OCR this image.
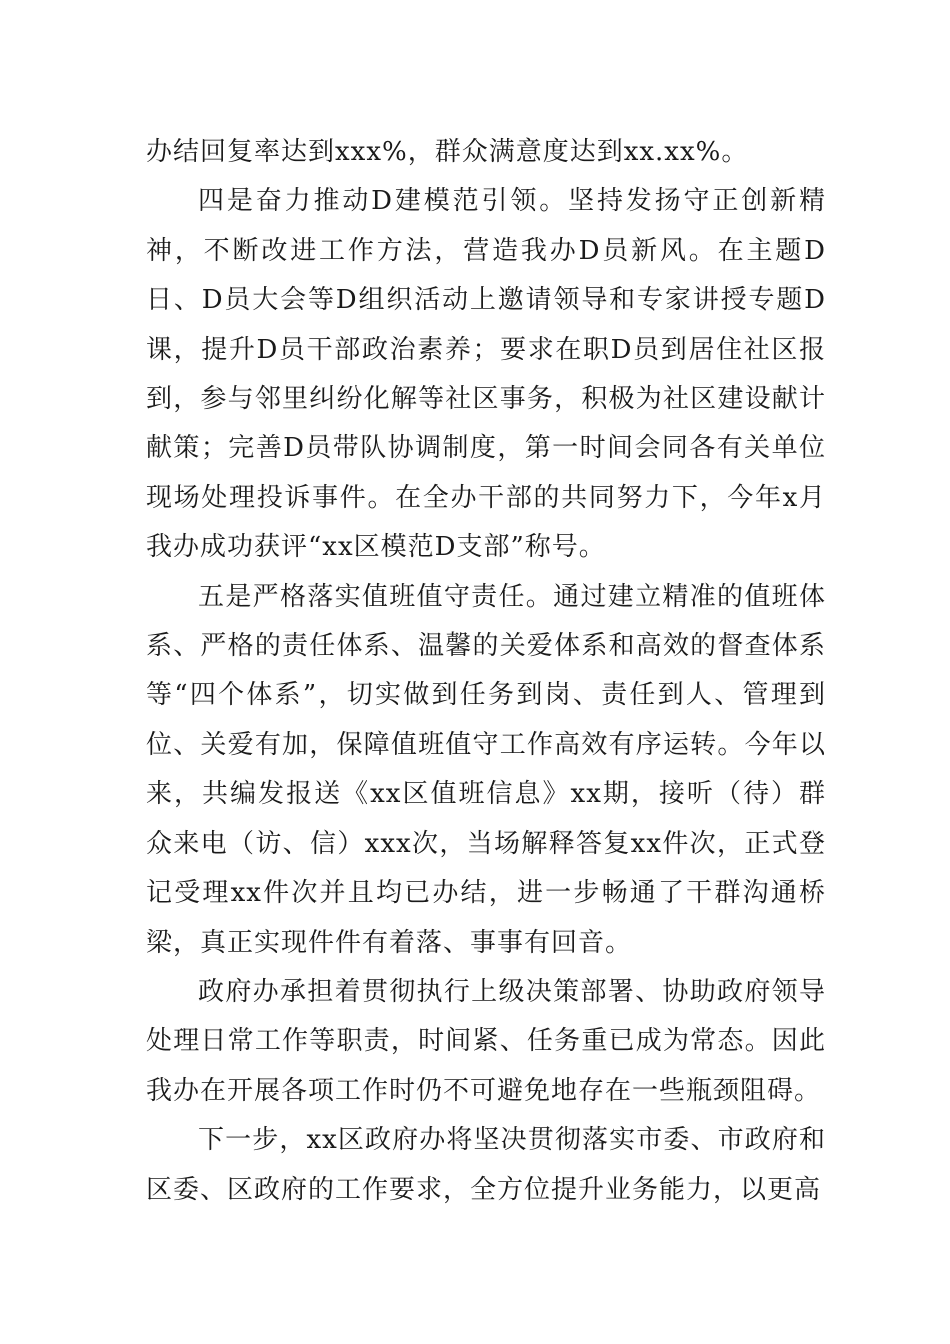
办结回复率达到xxx%，群众满意度达到xx.xx%。

四是奋力推动D建模范引领。坚持发扬守正创新精神，不断改进工作方法，营造我办D员新风。在主题D日、D员大会等D组织活动上邀请领导和专家讲授专题D课，提升D员干部政治素养；要求在职D员到居住社区报到，参与邻里纠纷化解等社区事务，积极为社区建设献计献策；完善D员带队协调制度，第一时间会同各有关单位现场处理投诉事件。在全办干部的共同努力下，今年x月我办成功获评“xx区模范D支部”称号。

五是严格落实值班值守责任。通过建立精准的值班体系、严格的责任体系、温馨的关爱体系和高效的督查体系等“四个体系”，切实做到任务到岗、责任到人、管理到位、关爱有加，保障值班值守工作高效有序运转。今年以来，共编发报送《xx区值班信息》xx期，接听（待）群众来电（访、信）xxx次，当场解释答复xx件次，正式登记受理xx件次并且均已办结，进一步畅通了干群沟通桥梁，真正实现件件有着落、事事有回音。

政府办承担着贯彻执行上级决策部署、协助政府领导处理日常工作等职责，时间紧、任务重已成为常态。因此我办在开展各项工作时仍不可避免地存在一些瓶颈阻碍。

下一步，xx区政府办将坚决贯彻落实市委、市政府和区委、区政府的工作要求，全方位提升业务能力，以更高
